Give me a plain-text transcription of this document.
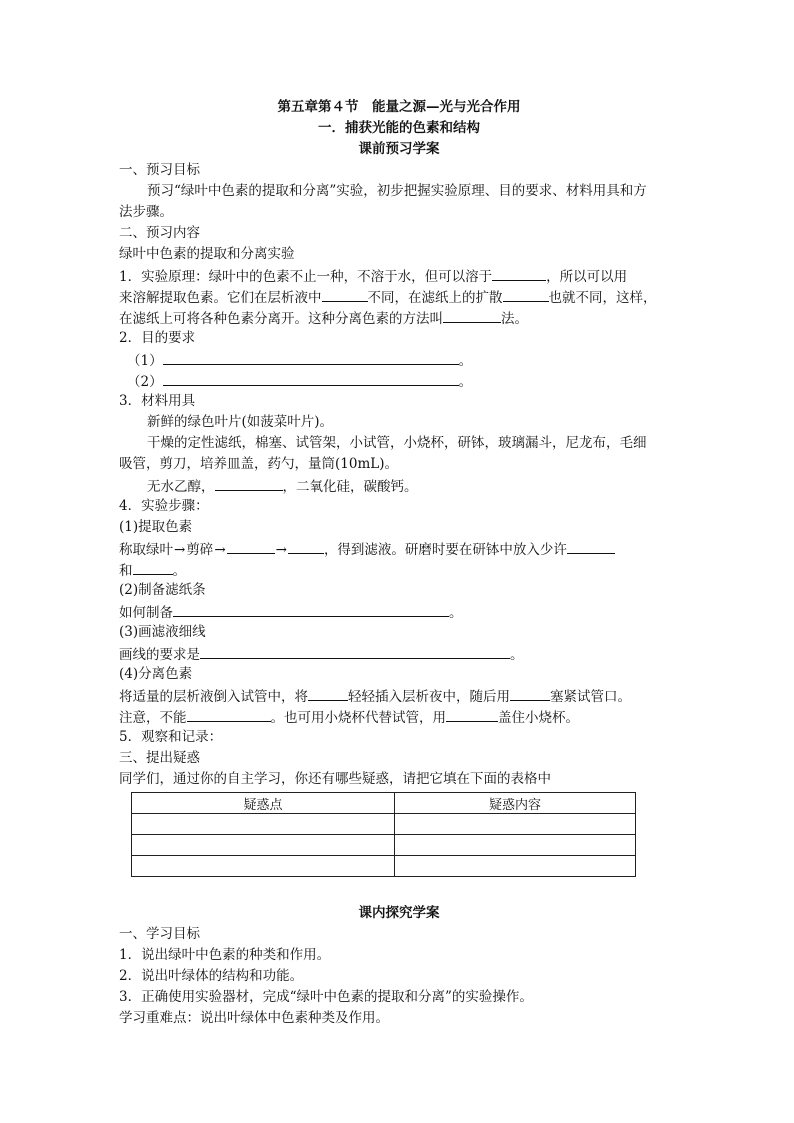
第五章第４节　能量之源—光与光合作用
一．捕获光能的色素和结构
课前预习学案
一、预习目标
预习“绿叶中色素的提取和分离”实验，初步把握实验原理、目的要求、材料用具和方
法步骤。
二、预习内容
绿叶中色素的提取和分离实验
1．实验原理：绿叶中的色素不止一种，不溶于水，但可以溶于	，所以可以用
来溶解提取色素。它们在层析液中	不同，在滤纸上的扩散	也就不同，这样，
在滤纸上可将各种色素分离开。这种分离色素的方法叫	法。
2．目的要求
（1）	。
（2）	。
3．材料用具
新鲜的绿色叶片(如菠菜叶片)。
干燥的定性滤纸，棉塞、试管架，小试管，小烧杯，研钵，玻璃漏斗，尼龙布，毛细
吸管，剪刀，培养皿盖，药勺，量筒(10mL)。
无水乙醇，	，二氧化硅，碳酸钙。
4．实验步骤：
(1)提取色素
称取绿叶→剪碎→	→	，得到滤液。研磨时要在研钵中放入少许
和	。
(2)制备滤纸条
如何制备	。
(3)画滤液细线
画线的要求是	。
(4)分离色素
将适量的层析液倒入试管中，将	轻轻插入层析夜中，随后用	塞紧试管口。
注意，不能	。也可用小烧杯代替试管，用	盖住小烧杯。
5．观察和记录：
三、提出疑惑
同学们，通过你的自主学习，你还有哪些疑惑，请把它填在下面的表格中
疑惑点	疑惑内容

课内探究学案
一、学习目标
1．说出绿叶中色素的种类和作用。
2．说出叶绿体的结构和功能。
3．正确使用实验器材，完成“绿叶中色素的提取和分离”的实验操作。
学习重难点：说出叶绿体中色素种类及作用。
